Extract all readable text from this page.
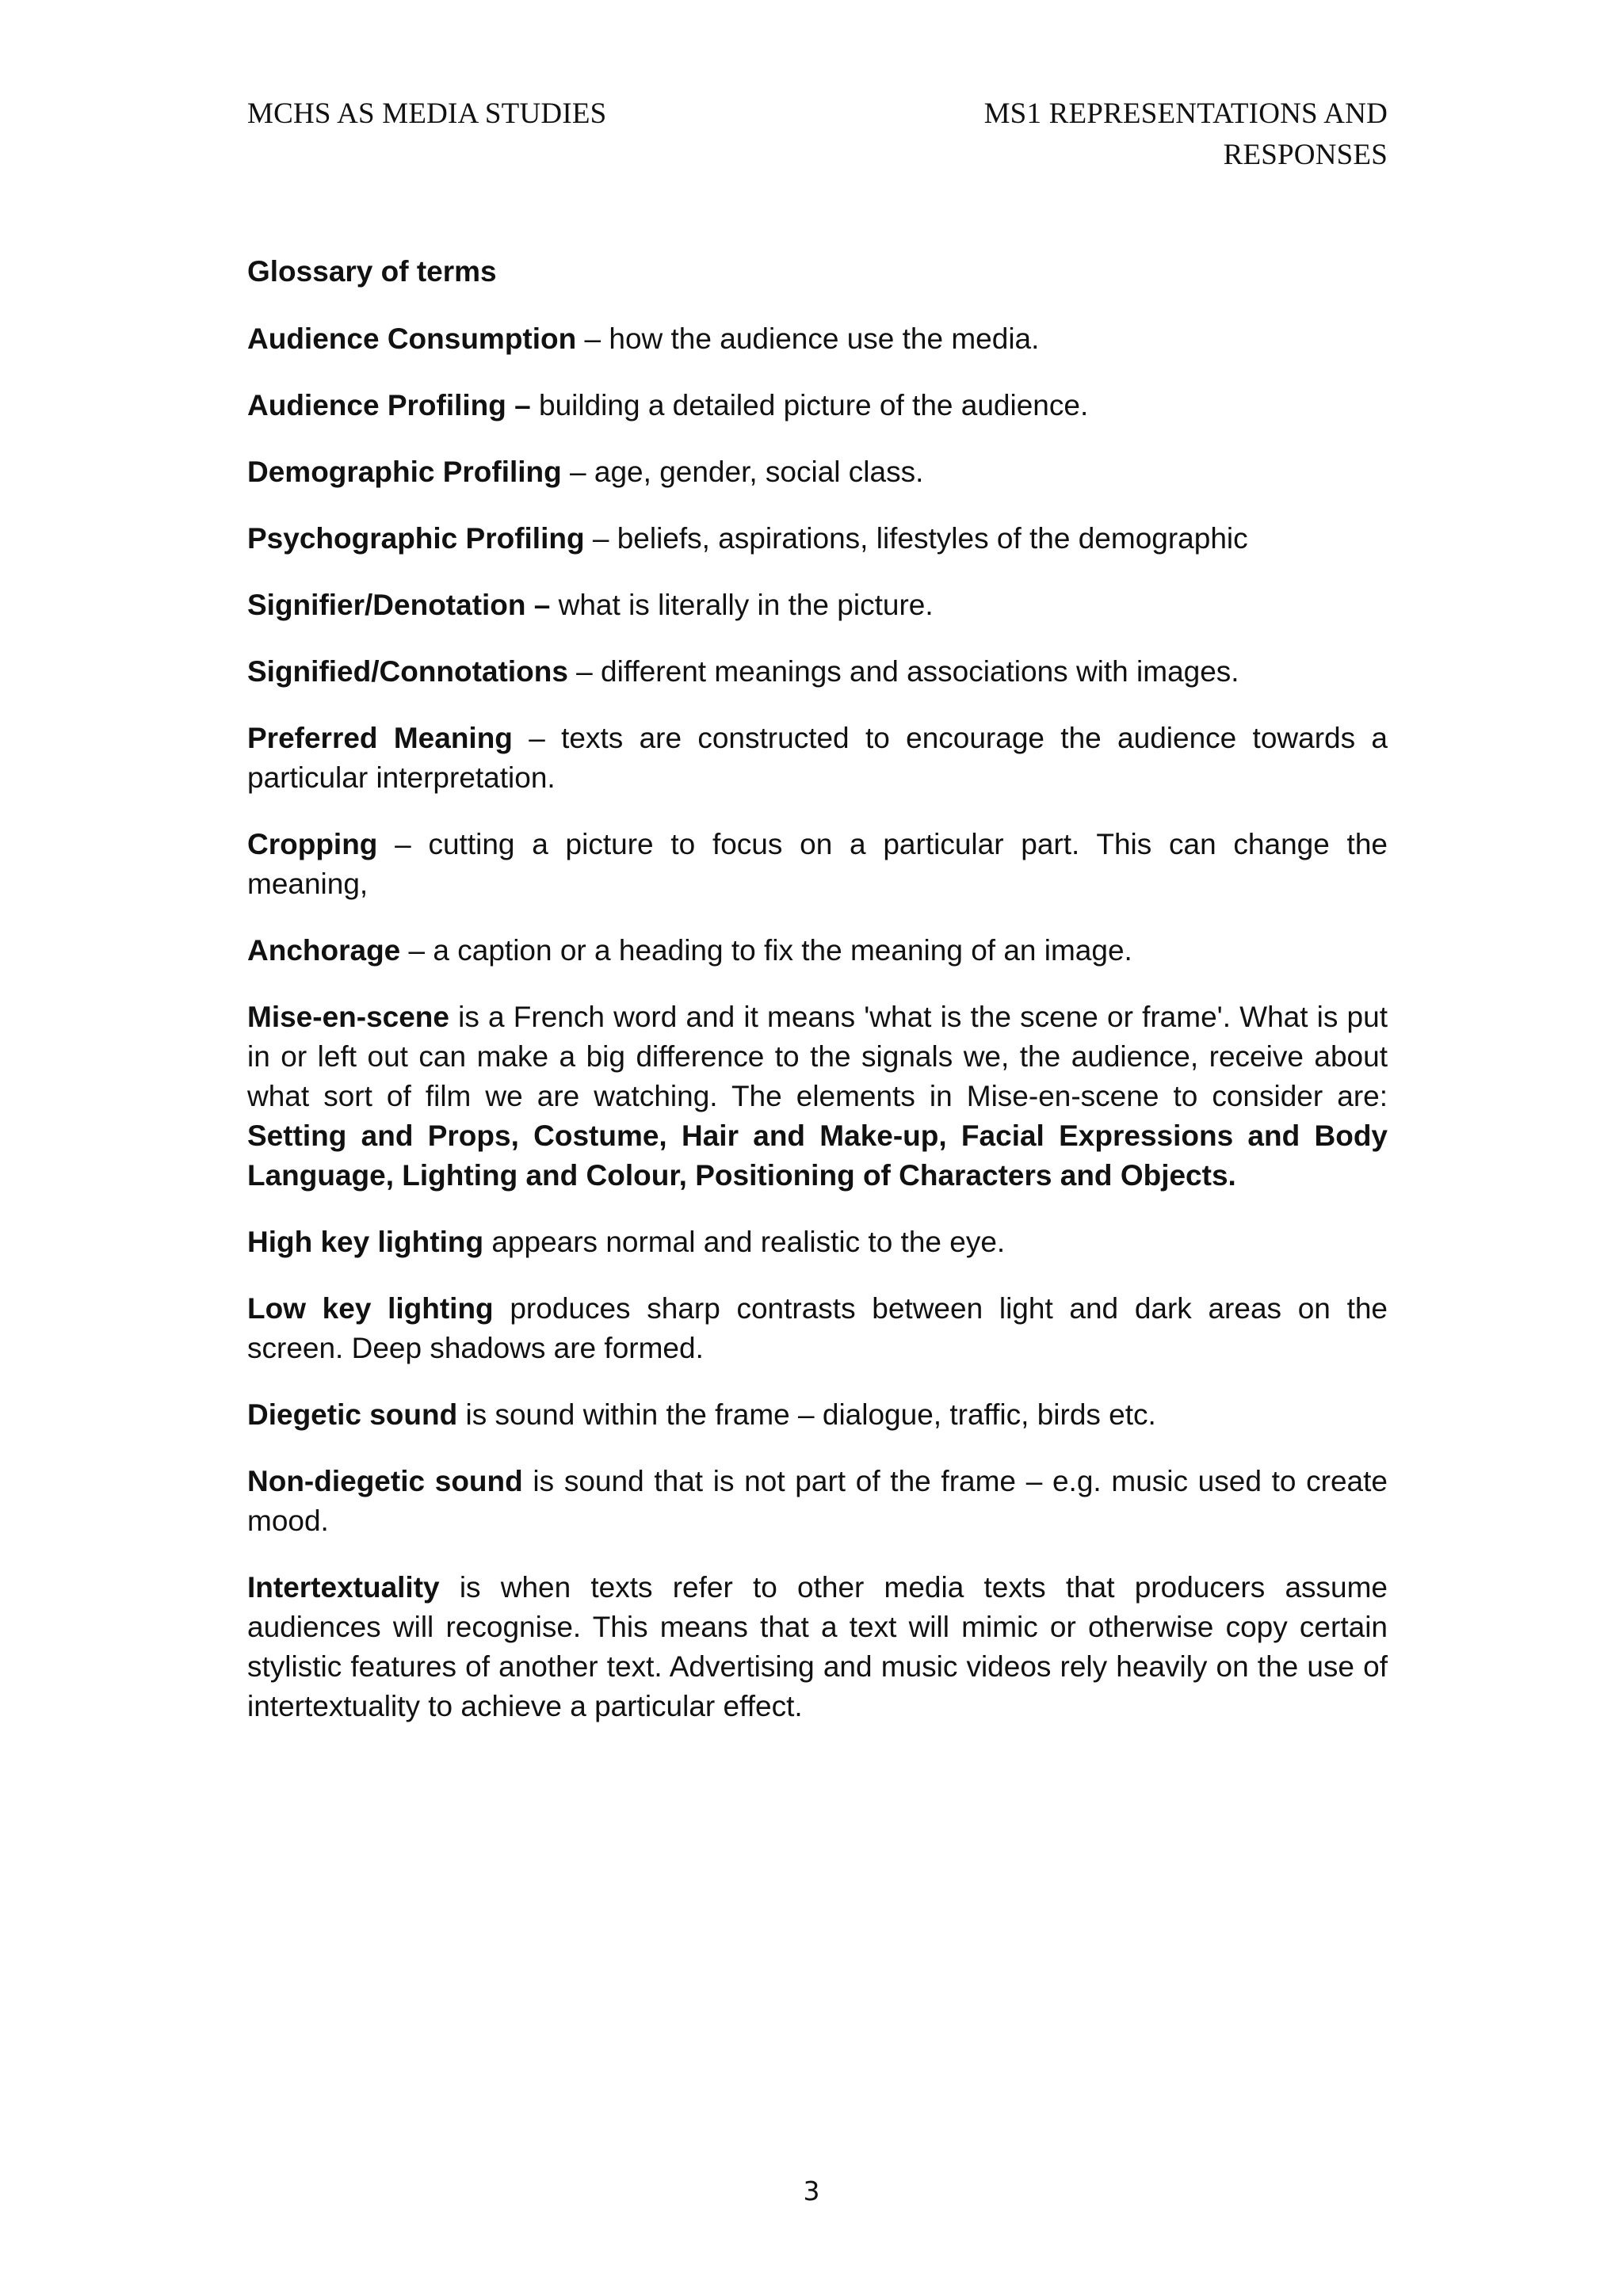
MCHS AS MEDIA STUDIES	MS1 REPRESENTATIONS AND RESPONSES

Glossary of terms

Audience Consumption – how the audience use the media.

Audience Profiling – building a detailed picture of the audience.

Demographic Profiling – age, gender, social class.

Psychographic Profiling – beliefs, aspirations, lifestyles of the demographic

Signifier/Denotation – what is literally in the picture.

Signified/Connotations – different meanings and associations with images.

Preferred Meaning – texts are constructed to encourage the audience towards a particular interpretation.

Cropping – cutting a picture to focus on a particular part. This can change the meaning,

Anchorage – a caption or a heading to fix the meaning of an image.

Mise-en-scene is a French word and it means 'what is the scene or frame'. What is put in or left out can make a big difference to the signals we, the audience, receive about what sort of film we are watching. The elements in Mise-en-scene to consider are: Setting and Props, Costume, Hair and Make-up, Facial Expressions and Body Language, Lighting and Colour, Positioning of Characters and Objects.

High key lighting appears normal and realistic to the eye.

Low key lighting produces sharp contrasts between light and dark areas on the screen. Deep shadows are formed.

Diegetic sound is sound within the frame – dialogue, traffic, birds etc.

Non-diegetic sound is sound that is not part of the frame – e.g. music used to create mood.

Intertextuality is when texts refer to other media texts that producers assume audiences will recognise. This means that a text will mimic or otherwise copy certain stylistic features of another text. Advertising and music videos rely heavily on the use of intertextuality to achieve a particular effect.

3
